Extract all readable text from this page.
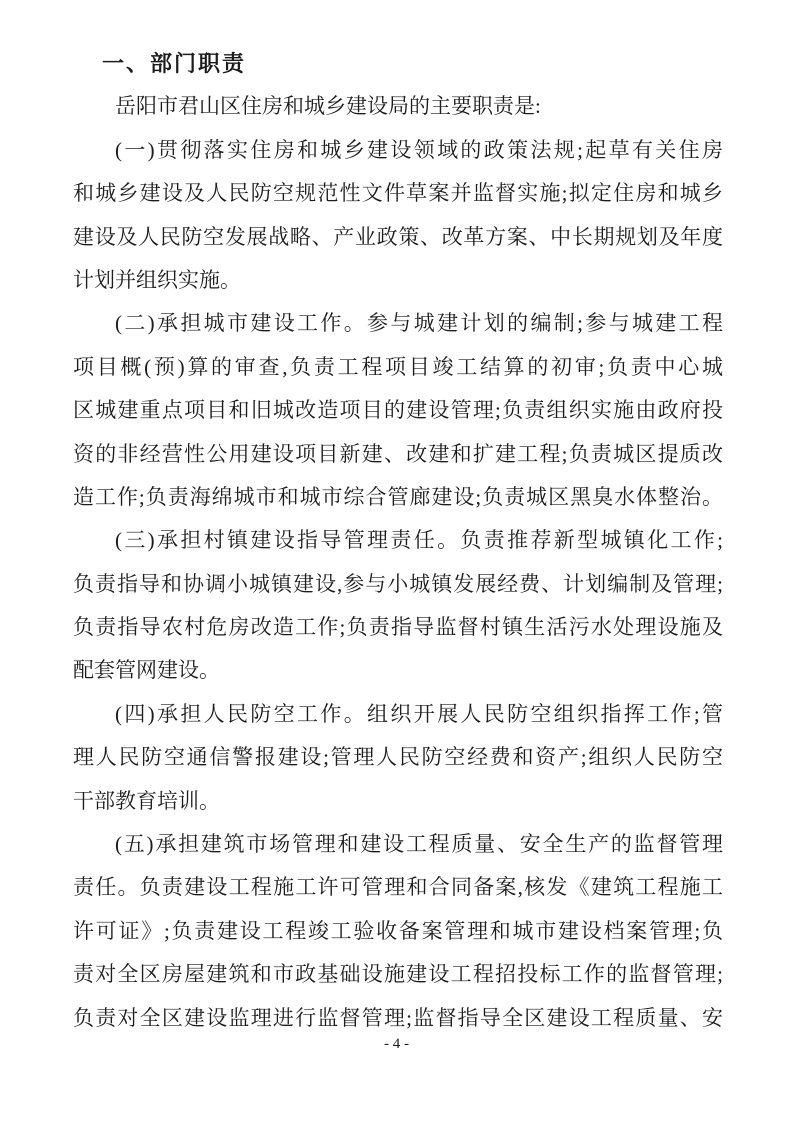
一、部门职责
岳阳市君山区住房和城乡建设局的主要职责是:
(一)贯彻落实住房和城乡建设领域的政策法规;起草有关住房
和城乡建设及人民防空规范性文件草案并监督实施;拟定住房和城乡
建设及人民防空发展战略、产业政策、改革方案、中长期规划及年度
计划并组织实施。
(二)承担城市建设工作。参与城建计划的编制;参与城建工程
项目概(预)算的审查,负责工程项目竣工结算的初审;负责中心城
区城建重点项目和旧城改造项目的建设管理;负责组织实施由政府投
资的非经营性公用建设项目新建、改建和扩建工程;负责城区提质改
造工作;负责海绵城市和城市综合管廊建设;负责城区黑臭水体整治。
(三)承担村镇建设指导管理责任。负责推荐新型城镇化工作;
负责指导和协调小城镇建设,参与小城镇发展经费、计划编制及管理;
负责指导农村危房改造工作;负责指导监督村镇生活污水处理设施及
配套管网建设。
(四)承担人民防空工作。组织开展人民防空组织指挥工作;管
理人民防空通信警报建设;管理人民防空经费和资产;组织人民防空
干部教育培训。
(五)承担建筑市场管理和建设工程质量、安全生产的监督管理
责任。负责建设工程施工许可管理和合同备案,核发《建筑工程施工
许可证》;负责建设工程竣工验收备案管理和城市建设档案管理;负
责对全区房屋建筑和市政基础设施建设工程招投标工作的监督管理;
负责对全区建设监理进行监督管理;监督指导全区建设工程质量、安
- 4 -
